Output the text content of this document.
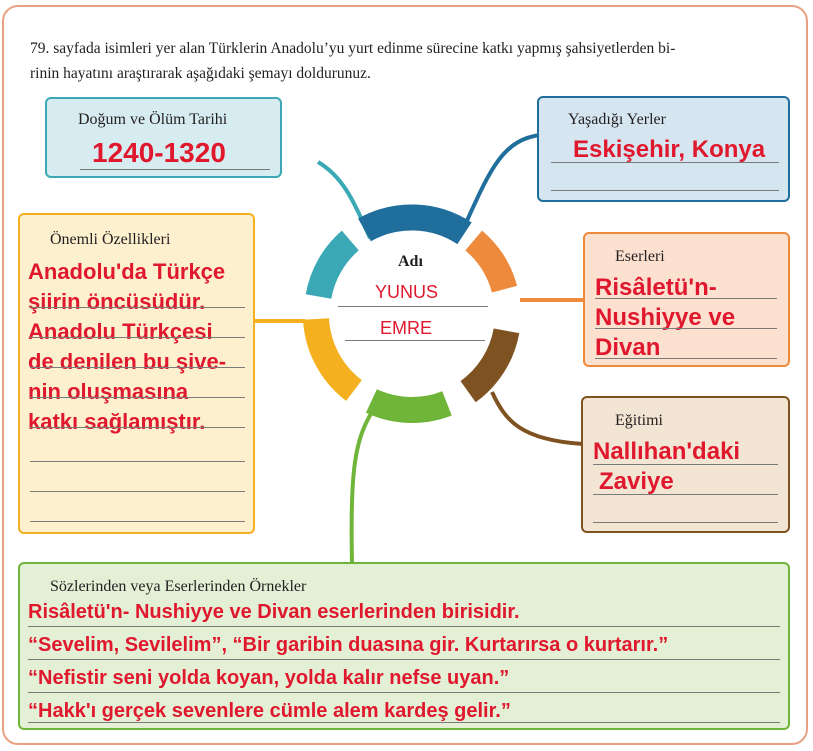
79. sayfada isimleri yer alan Türklerin Anadolu’yu yurt edinme sürecine katkı yapmış şahsiyetlerden bi-
rinin hayatını araştırarak aşağıdaki şemayı doldurunuz.

Adı
YUNUS
EMRE
Doğum ve Ölüm Tarihi
1240-1320
Yaşadığı Yerler
Eskişehir, Konya
Önemli Özellikleri
Anadolu'da Türkçe
şiirin öncüsüdür.
Anadolu Türkçesi
de denilen bu şive-
nin oluşmasına
katkı sağlamıştır.
Eserleri
Risâletü'n-
Nushiyye ve
Divan
Eğitimi
Nallıhan'daki
Zaviye
Sözlerinden veya Eserlerinden Örnekler
Risâletü'n- Nushiyye ve Divan eserlerinden birisidir.
“Sevelim, Sevilelim”, “Bir garibin duasına gir. Kurtarırsa o kurtarır.”
“Nefistir seni yolda koyan, yolda kalır nefse uyan.”
“Hakk'ı gerçek sevenlere cümle alem kardeş gelir.”
